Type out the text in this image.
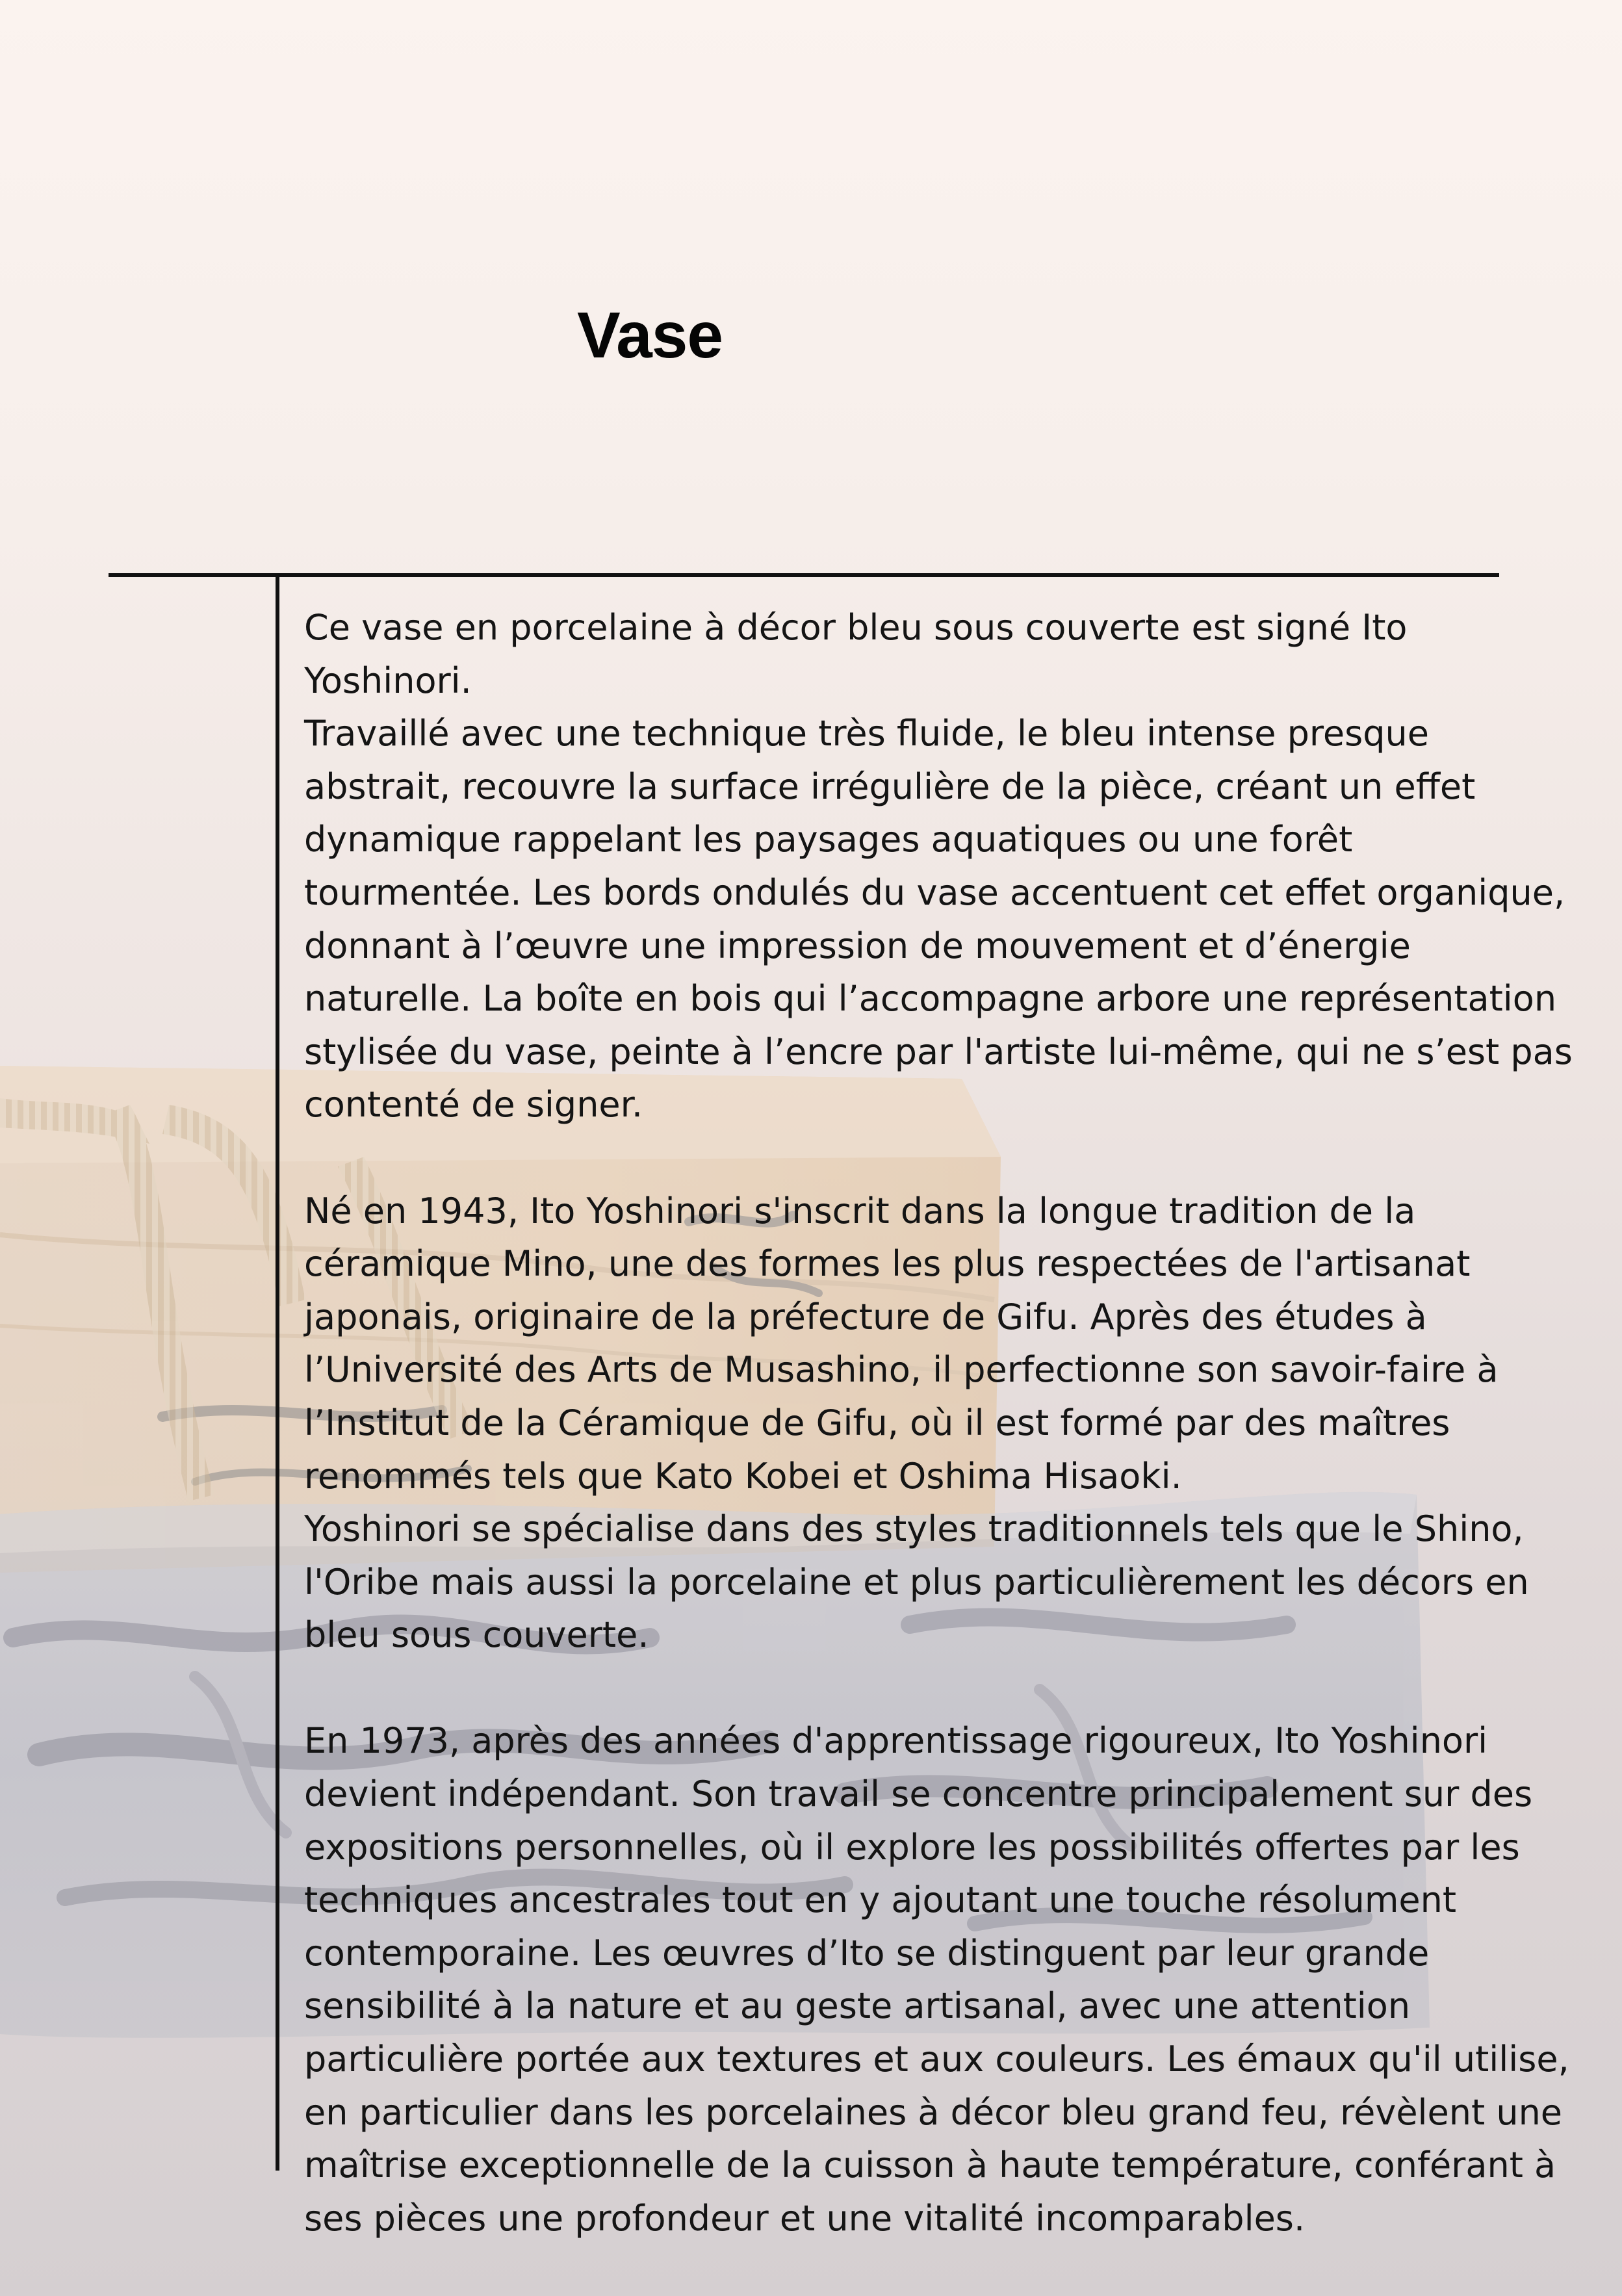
Vase

Ce vase en porcelaine à décor bleu sous couverte est signé Ito Yoshinori.
Travaillé avec une technique très fluide, le bleu intense presque abstrait, recouvre la surface irrégulière de la pièce, créant un effet dynamique rappelant les paysages aquatiques ou une forêt tourmentée. Les bords ondulés du vase accentuent cet effet organique, donnant à l’œuvre une impression de mouvement et d’énergie naturelle. La boîte en bois qui l’accompagne arbore une représentation stylisée du vase, peinte à l’encre par l'artiste lui-même, qui ne s’est pas contenté de signer.

Né en 1943, Ito Yoshinori s'inscrit dans la longue tradition de la céramique Mino, une des formes les plus respectées de l'artisanat japonais, originaire de la préfecture de Gifu. Après des études à l’Université des Arts de Musashino, il perfectionne son savoir-faire à l’Institut de la Céramique de Gifu, où il est formé par des maîtres renommés tels que Kato Kobei et Oshima Hisaoki.
Yoshinori se spécialise dans des styles traditionnels tels que le Shino, l'Oribe mais aussi la porcelaine et plus particulièrement les décors en bleu sous couverte.

En 1973, après des années d'apprentissage rigoureux, Ito Yoshinori devient indépendant. Son travail se concentre principalement sur des expositions personnelles, où il explore les possibilités offertes par les techniques ancestrales tout en y ajoutant une touche résolument contemporaine. Les œuvres d’Ito se distinguent par leur grande sensibilité à la nature et au geste artisanal, avec une attention particulière portée aux textures et aux couleurs. Les émaux qu'il utilise, en particulier dans les porcelaines à décor bleu grand feu, révèlent une maîtrise exceptionnelle de la cuisson à haute température, conférant à ses pièces une profondeur et une vitalité incomparables.
